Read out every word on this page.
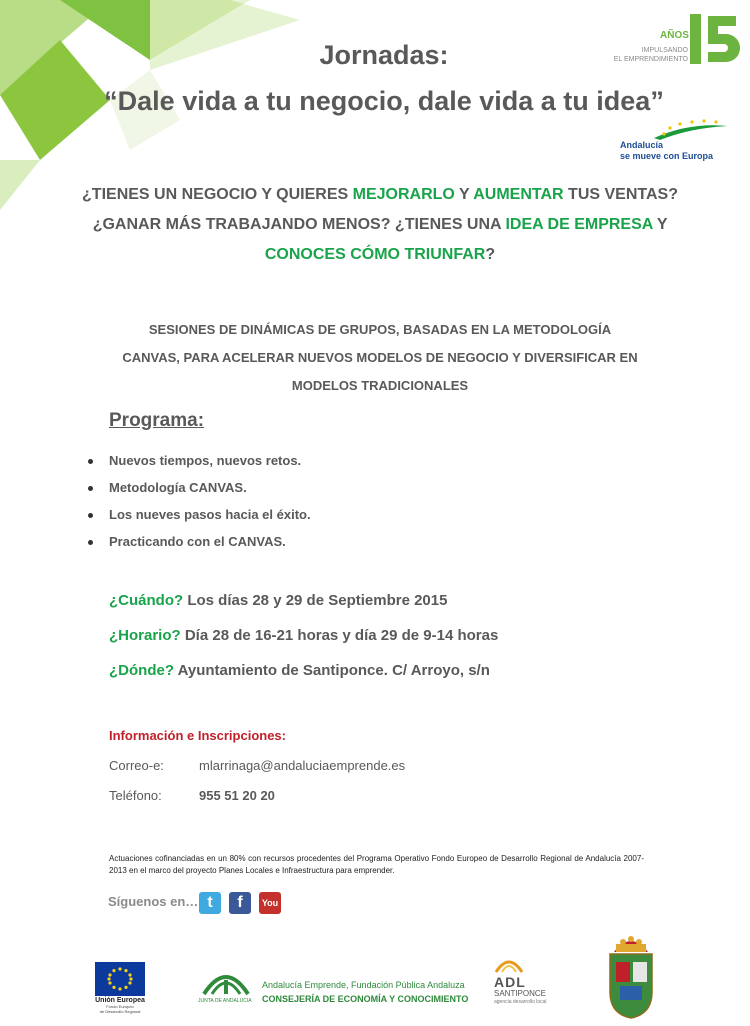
Jornadas:
“Dale vida a tu negocio, dale vida a tu idea”
AÑOS
IMPULSANDO
EL EMPRENDIMIENTO	15
Andalucía
se mueve con Europa
¿TIENES UN NEGOCIO Y QUIERES MEJORARLO Y AUMENTAR TUS VENTAS? ¿GANAR MÁS TRABAJANDO MENOS? ¿TIENES UNA IDEA DE EMPRESA Y CONOCES CÓMO TRIUNFAR?
SESIONES DE DINÁMICAS DE GRUPOS, BASADAS EN LA METODOLOGÍA
CANVAS, PARA ACELERAR NUEVOS MODELOS DE NEGOCIO Y DIVERSIFICAR EN
MODELOS TRADICIONALES
Programa:
Nuevos tiempos, nuevos retos.
Metodología CANVAS.
Los nueves pasos hacia el éxito.
Practicando con el CANVAS.
¿Cuándo? Los días 28 y 29 de Septiembre 2015
¿Horario? Día 28 de 16-21 horas y día 29 de 9-14 horas
¿Dónde? Ayuntamiento de Santiponce. C/ Arroyo, s/n
Información e Inscripciones:
Correo-e:	mlarrinaga@andaluciaemprende.es
Teléfono:	955 51 20 20
Actuaciones cofinanciadas en un 80% con recursos procedentes del Programa Operativo Fondo Europeo de Desarrollo Regional de Andalucía 2007-2013 en el marco del proyecto Planes Locales e Infraestructura para emprender.
Síguenos en… t	f	You
Unión Europea
Fondo Europeo
de Desarrollo Regional
JUNTA DE ANDALUCIA
Andalucía Emprende, Fundación Pública Andaluza
CONSEJERÍA DE ECONOMÍA Y CONOCIMIENTO
ADL
SANTIPONCE
agencia desarrollo local
